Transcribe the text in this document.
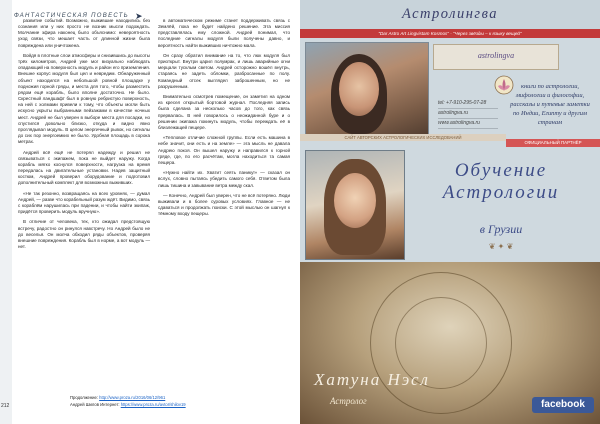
212
ФАНТАСТИЧЕСКАЯ ПОВЕСТЬ ➤

развитие событий. Возможно, выжившие находились без сознания или у них просто не возник мысли подождать. Молчание эфира наконец было объяснимо: невероятность уход связи, что мешает часть от длинной жизни была повреждена или уничтожена.

Войдя в плотные слои атмосферы и снизившись до высоты трёх километров, Андрей уже мог визуально наблюдать опадающий на поверхность модуль и район его приземления. Внешне корпус модуля был цел и невредим. Обнаруженный объект находился на небольшой ровной площадке у подножия горной гряды, и места для того, чтобы разместить рядом ещё корабль, было вполне достаточно. Не было. Скрестный ландшафт был в ровную ребристую поверхность, на ней с холмами привели к тому, что объекты могли быть искусно укрыты выбранными пейзажами в качестве ночных мест. Андрей не был уверен в выборе места для посадки, но спустился довольно близко, откуда и видно явно проглядывал модуль. В целом энергичный рывок, но сигналы до сих пор энергоемких не было. Удобная площадь в сорока метрах.

Андрей всё ещё не потерял надежду и решил не связываться с экипажем, пока не выйдет наружу. Когда корабль мягко коснулся поверхности, нагрузка на время передалась на двигательные установки. Надев защитный костюм, Андрей проверил оборудование и подготовил дополнительный комплект для возможных выживших.

«Не так резонно, возвращаясь на всех уровнях, — думал Андрей, — разве что корабельный разум ждёт. Видимо, связь с кораблём нарушилась при падении, и чтобы найти экипаж, придётся проверить модуль вручную».

В отличие от человека, тех, кто ожидал предстоящую встречу, радостно он ринулся навстречу. Но Андрей было не до веселья. Он молча обходил ряды объектов, проверяя внешние повреждения. Корабль был в норме, а вот модуль — нет.

в автоматическом режиме станет поддерживать связь с Землёй, пока не будет найдено решение. Эта миссия представлялась ему сложной. Андрей понимал, что последние сигналы модуля были получены давно, и вероятность найти выживших ничтожно мала.

Он сразу обратил внимание на то, что люк модуля был приоткрыт. Внутри царил полумрак, и лишь аварийные огни мерцали тусклым светом. Андрей осторожно вошёл внутрь, стараясь не задеть обломки, разбросанные по полу. Командный отсек выглядел заброшенным, но не разрушенным.

Внимательно осмотрев помещение, он заметил на одном из кресел открытый бортовой журнал. Последняя запись была сделана за несколько часов до того, как связь прервалась. В ней говорилось о неожиданной буре и о решении экипажа покинуть модуль, чтобы переждать её в близлежащей пещере.

«Тепловое отличие сложной группы. Если есть машина в небе значит, они есть и на земле» — эта мысль не давала Андрею покоя. Он вышел наружу и направился к горной гряде, где, по его расчётам, могла находиться та самая пещера.

«Нужно найти их. Хватит сеять панику!» — сказал он вслух, словно пытаясь убедить самого себя. Ответом была лишь тишина и завывание ветра между скал.

— Конечно, Андрей был уверен, что не всё потеряно. Люди выживали и в более суровых условиях. Главное — не сдаваться и продолжать поиски. С этой мыслью он шагнул к тёмному входу пещеры.

Продолжение: http://www.proza.ru/2016/06/12/961
Андрей Шилов Интернет: https://www.proza.ru/avtor/shilov19
Астролингва
"Dar Astro Art Lingvistam Kosmos" · "Через звёзды – к языку вещей"
astrolingva
tel: +7-910-295-07-28
astrolingva.ru
www.astrolingva.ru
книги по астрологии, мифологии и философии, рассказы и путевые заметки по Индии, Египту и другим странам
САЙТ АВТОРСКИХ АСТРОЛОГИЧЕСКИХ ИССЛЕДОВАНИЙ
ОФИЦИАЛЬНЫЙ ПАРТНЁР
Обучение
Астрологии
в Грузии
❦ ✦ ❦
Хатуна Нэсл
Астролог	facebook
